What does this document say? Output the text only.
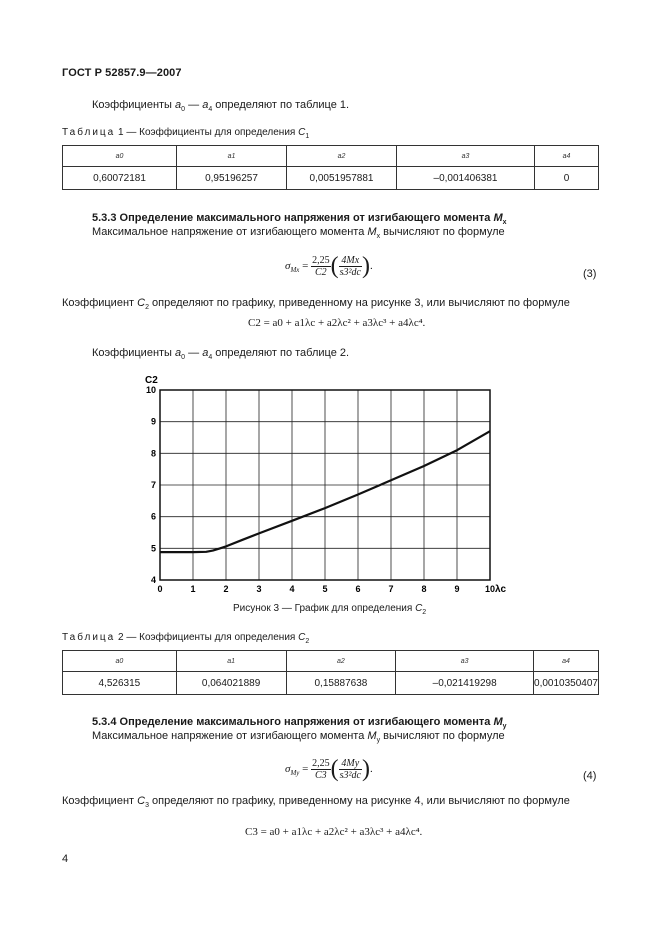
ГОСТ Р 52857.9—2007
Коэффициенты $a_0$ — $a_4$ определяют по таблице 1.
Таблица 1 — Коэффициенты для определения $C_1$
a0	a1	a2	a3	a4
0,60072181	0,95196257	0,0051957881	–0,001406381	0
5.3.3 Определение максимального напряжения от изгибающего момента $M_x$
Максимальное напряжение от изгибающего момента $M_x$ вычисляют по формуле
$\sigma_{Mx} = \frac{2,25}{C2}$ ( $\frac{4Mx}{\text{s3²dc}}$ ).
(3)
Коэффициент $C_2$ определяют по графику, приведенному на рисунке 3, или вычисляют по формуле
C2 = a0 + a1λc + a2λc² + a3λc³ + a4λc⁴.
Коэффициенты $a_0$ — $a_4$ определяют по таблице 2.
0	1	2	3	4	5	6	7	8	9	10
4
5
6
7
8
9
10
C2
λc
Рисунок 3 — График для определения $C_2$
Таблица 2 — Коэффициенты для определения $C_2$
a0	a1	a2	a3	a4
4,526315	0,064021889	0,15887638	–0,021419298	0,0010350407
5.3.4 Определение максимального напряжения от изгибающего момента $M_y$
Максимальное напряжение от изгибающего момента $M_y$ вычисляют по формуле
$\sigma_{My} = \frac{2,25}{C3}$ ( $\frac{4My}{\text{s3²dc}}$ ).
(4)
Коэффициент $C_3$ определяют по графику, приведенному на рисунке 4, или вычисляют по формуле
C3 = a0 + a1λc + a2λc² + a3λc³ + a4λc⁴.
4
